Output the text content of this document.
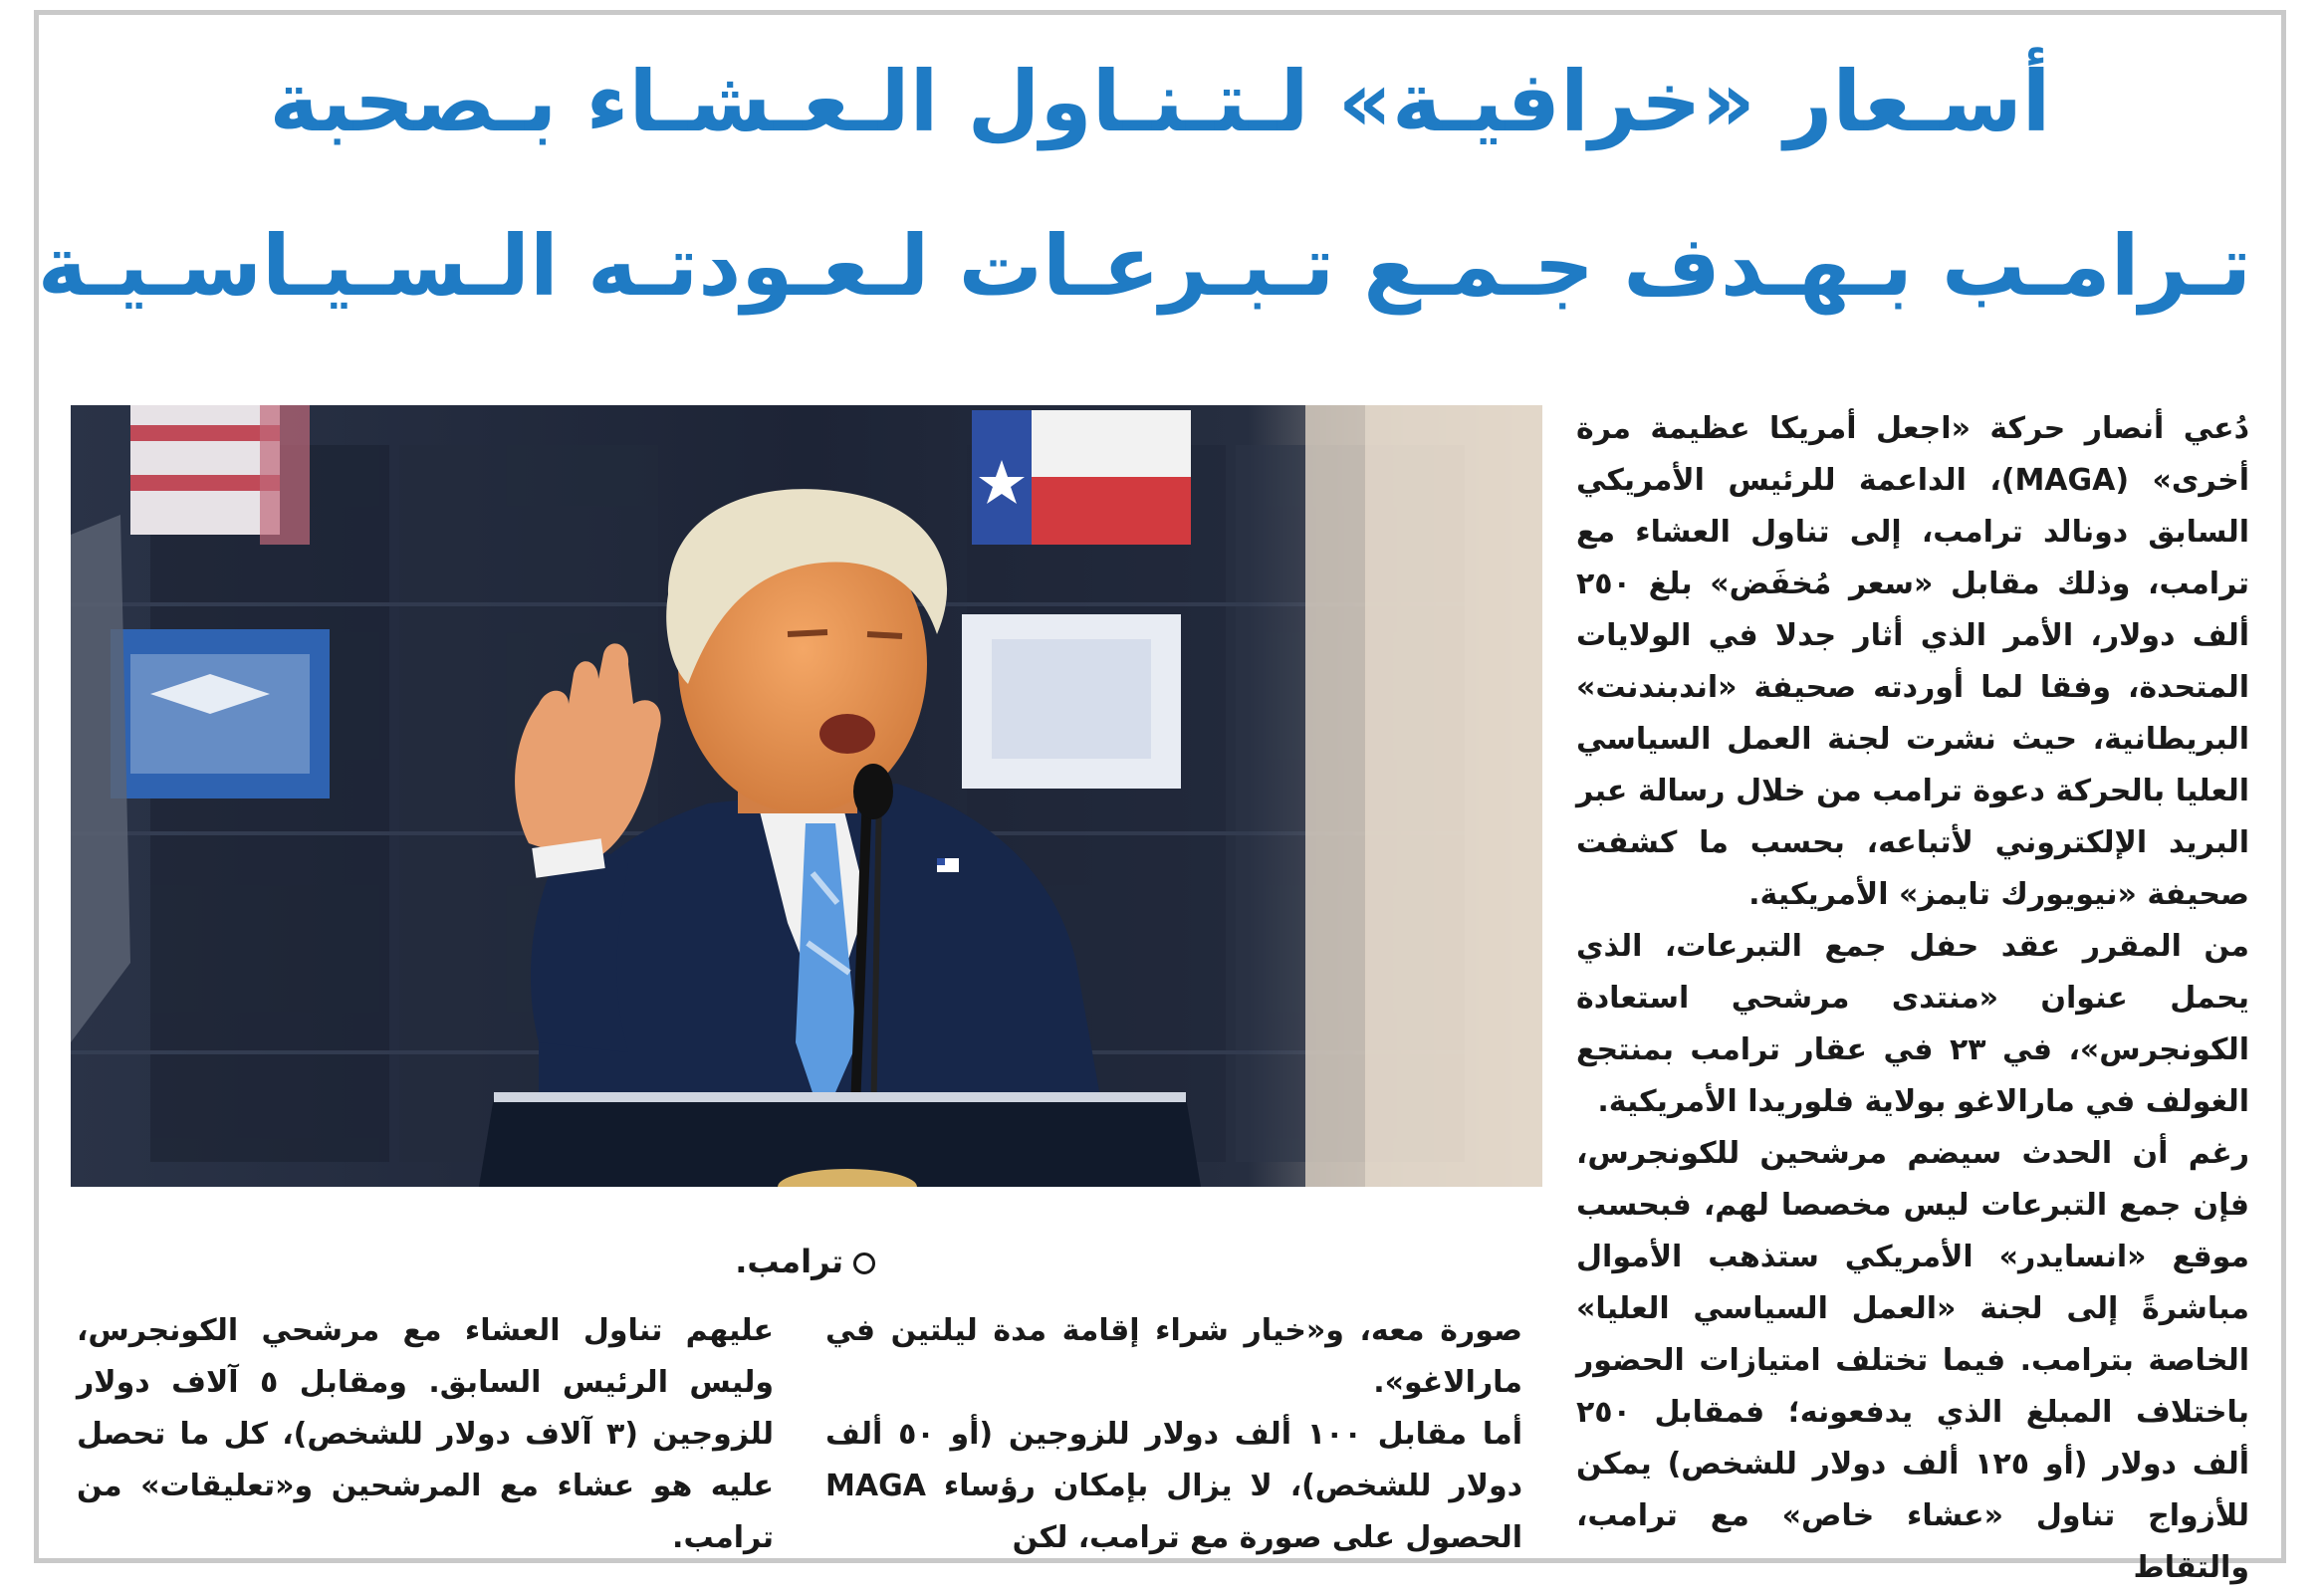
أسـعار «خرافيـة» لـتـنـاول الـعـشـاء بـصحبة
تـرامـب بـهـدف جـمـع تـبـرعـات لـعـودتـه الـسـيـاسـيـة
ترامب.

دُعي أنصار حركة «اجعل أمريكا عظيمة مرة أخرى» (MAGA)، الداعمة للرئيس الأمريكي السابق دونالد ترامب، إلى تناول العشاء مع ترامب، وذلك مقابل «سعر مُخفَض» بلغ ٢٥٠ ألف دولار، الأمر الذي أثار جدلا في الولايات المتحدة، وفقا لما أوردته صحيفة «اندبندنت» البريطانية، حيث نشرت لجنة العمل السياسي العليا بالحركة دعوة ترامب من خلال رسالة عبر البريد الإلكتروني لأتباعه، بحسب ما كشفت صحيفة «نيويورك تايمز» الأمريكية.

من المقرر عقد حفل جمع التبرعات، الذي يحمل عنوان «منتدى مرشحي استعادة الكونجرس»، في ٢٣ في عقار ترامب بمنتجع الغولف في مارالاغو بولاية فلوريدا الأمريكية.

رغم أن الحدث سيضم مرشحين للكونجرس، فإن جمع التبرعات ليس مخصصا لهم، فبحسب موقع «انسايدر» الأمريكي ستذهب الأموال مباشرةً إلى لجنة «العمل السياسي العليا» الخاصة بترامب. فيما تختلف امتيازات الحضور باختلاف المبلغ الذي يدفعونه؛ فمقابل ٢٥٠ ألف دولار (أو ١٢٥ ألف دولار للشخص) يمكن للأزواج تناول «عشاء خاص» مع ترامب، والتقاط

صورة معه، و«خيار شراء إقامة مدة ليلتين في مارالاغو».

أما مقابل ١٠٠ ألف دولار للزوجين (أو ٥٠ ألف دولار للشخص)، لا يزال بإمكان رؤساء MAGA الحصول على صورة مع ترامب، لكن

عليهم تناول العشاء مع مرشحي الكونجرس، وليس الرئيس السابق. ومقابل ٥ آلاف دولار للزوجين (٣ آلاف دولار للشخص)، كل ما تحصل عليه هو عشاء مع المرشحين و«تعليقات» من ترامب.
